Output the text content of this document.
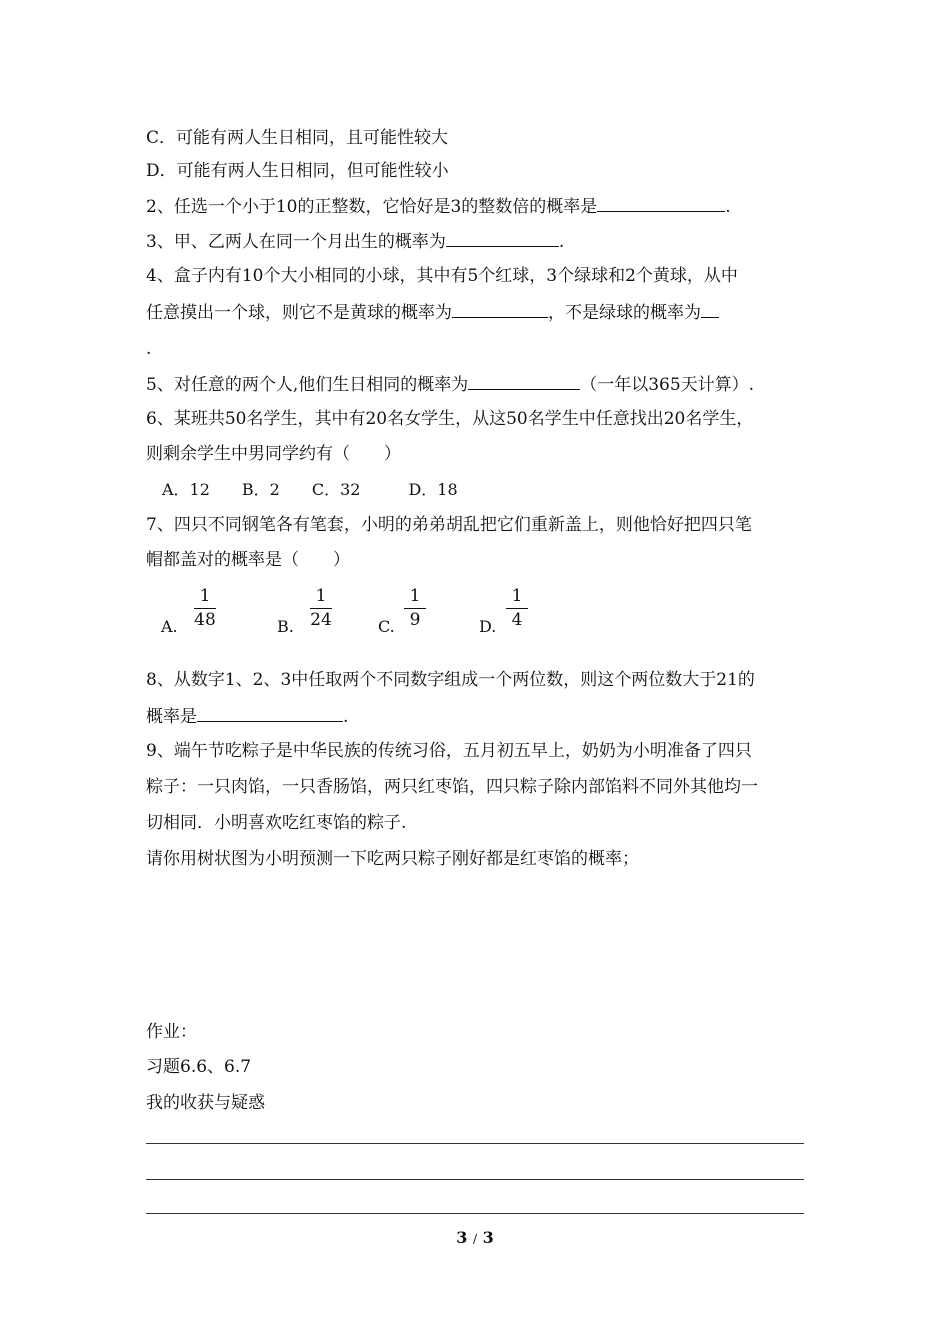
C．可能有两人生日相同，且可能性较大
D．可能有两人生日相同，但可能性较小
2、任选一个小于10的正整数，它恰好是3的整数倍的概率是	.
3、甲、乙两人在同一个月出生的概率为	.
4、盒子内有10个大小相同的小球，其中有5个红球，3个绿球和2个黄球，从中
任意摸出一个球，则它不是黄球的概率为	，不是绿球的概率为
.
5、对任意的两个人,他们生日相同的概率为	（一年以365天计算）.
6、某班共50名学生，其中有20名女学生，从这50名学生中任意找出20名学生，
则剩余学生中男同学约有（　　）
A．12　　B．2　　C．32　　　D．18
7、四只不同钢笔各有笔套，小明的弟弟胡乱把它们重新盖上，则他恰好把四只笔
帽都盖对的概率是（　　）
A.
1
48	B.
1
24	C.
1
9	D.
1
4
8、从数字1、2、3中任取两个不同数字组成一个两位数，则这个两位数大于21的
概率是	.
9、端午节吃粽子是中华民族的传统习俗，五月初五早上，奶奶为小明准备了四只
粽子：一只肉馅，一只香肠馅，两只红枣馅，四只粽子除内部馅料不同外其他均一
切相同．小明喜欢吃红枣馅的粽子.
请你用树状图为小明预测一下吃两只粽子刚好都是红枣馅的概率；
作业：
习题6.6、6.7
我的收获与疑惑
3 / 3
